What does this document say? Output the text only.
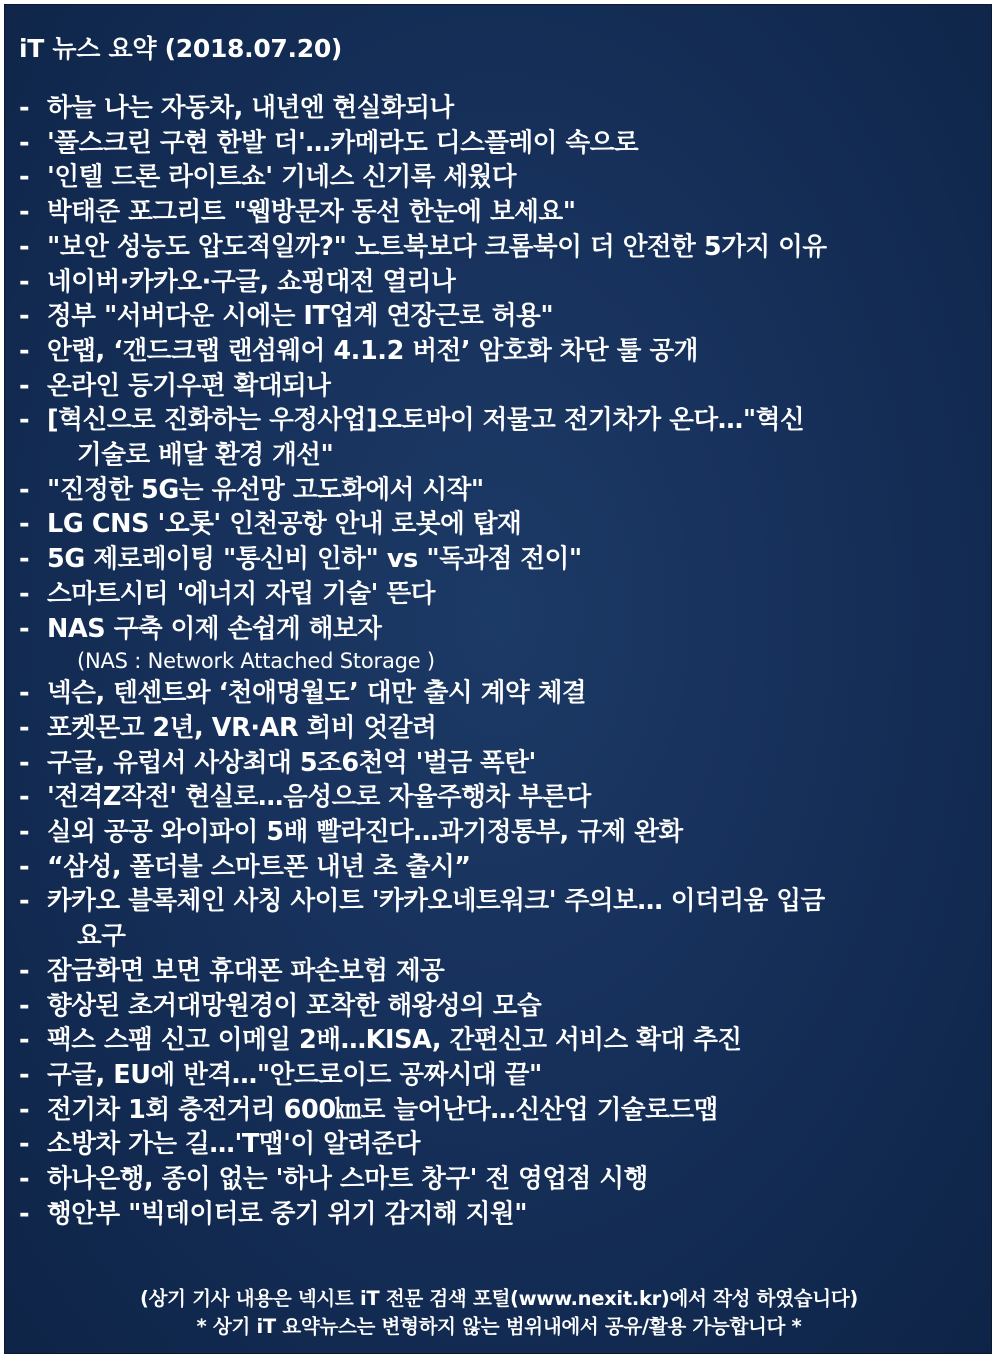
iT 뉴스 요약 (2018.07.20)
- 하늘 나는 자동차, 내년엔 현실화되나
- '풀스크린 구현 한발 더'…카메라도 디스플레이 속으로
- '인텔 드론 라이트쇼' 기네스 신기록 세웠다
- 박태준 포그리트 "웹방문자 동선 한눈에 보세요"
- "보안 성능도 압도적일까?" 노트북보다 크롬북이 더 안전한 5가지 이유
- 네이버·카카오·구글, 쇼핑대전 열리나
- 정부 "서버다운 시에는 IT업계 연장근로 허용"
- 안랩, ‘갠드크랩 랜섬웨어 4.1.2 버전’ 암호화 차단 툴 공개
- 온라인 등기우편 확대되나
- [혁신으로 진화하는 우정사업]오토바이 저물고 전기차가 온다…"혁신
기술로 배달 환경 개선"
- "진정한 5G는 유선망 고도화에서 시작"
- LG CNS '오롯' 인천공항 안내 로봇에 탑재
- 5G 제로레이팅 "통신비 인하" vs "독과점 전이"
- 스마트시티 '에너지 자립 기술' 뜬다
- NAS 구축 이제 손쉽게 해보자
(NAS : Network Attached Storage )
- 넥슨, 텐센트와 ‘천애명월도’ 대만 출시 계약 체결
- 포켓몬고 2년, VR·AR 희비 엇갈려
- 구글, 유럽서 사상최대 5조6천억 '벌금 폭탄'
- '전격Z작전' 현실로…음성으로 자율주행차 부른다
- 실외 공공 와이파이 5배 빨라진다…과기정통부, 규제 완화
- “삼성, 폴더블 스마트폰 내년 초 출시”
- 카카오 블록체인 사칭 사이트 '카카오네트워크' 주의보… 이더리움 입금
요구
- 잠금화면 보면 휴대폰 파손보험 제공
- 향상된 초거대망원경이 포착한 해왕성의 모습
- 팩스 스팸 신고 이메일 2배…KISA, 간편신고 서비스 확대 추진
- 구글, EU에 반격…"안드로이드 공짜시대 끝"
- 전기차 1회 충전거리 600㎞로 늘어난다…신산업 기술로드맵
- 소방차 가는 길…'T맵'이 알려준다
- 하나은행, 종이 없는 '하나 스마트 창구' 전 영업점 시행
- 행안부 "빅데이터로 중기 위기 감지해 지원"
(상기 기사 내용은 넥시트 iT 전문 검색 포털(www.nexit.kr)에서 작성 하였습니다)
* 상기 iT 요약뉴스는 변형하지 않는 범위내에서 공유/활용 가능합니다 *
